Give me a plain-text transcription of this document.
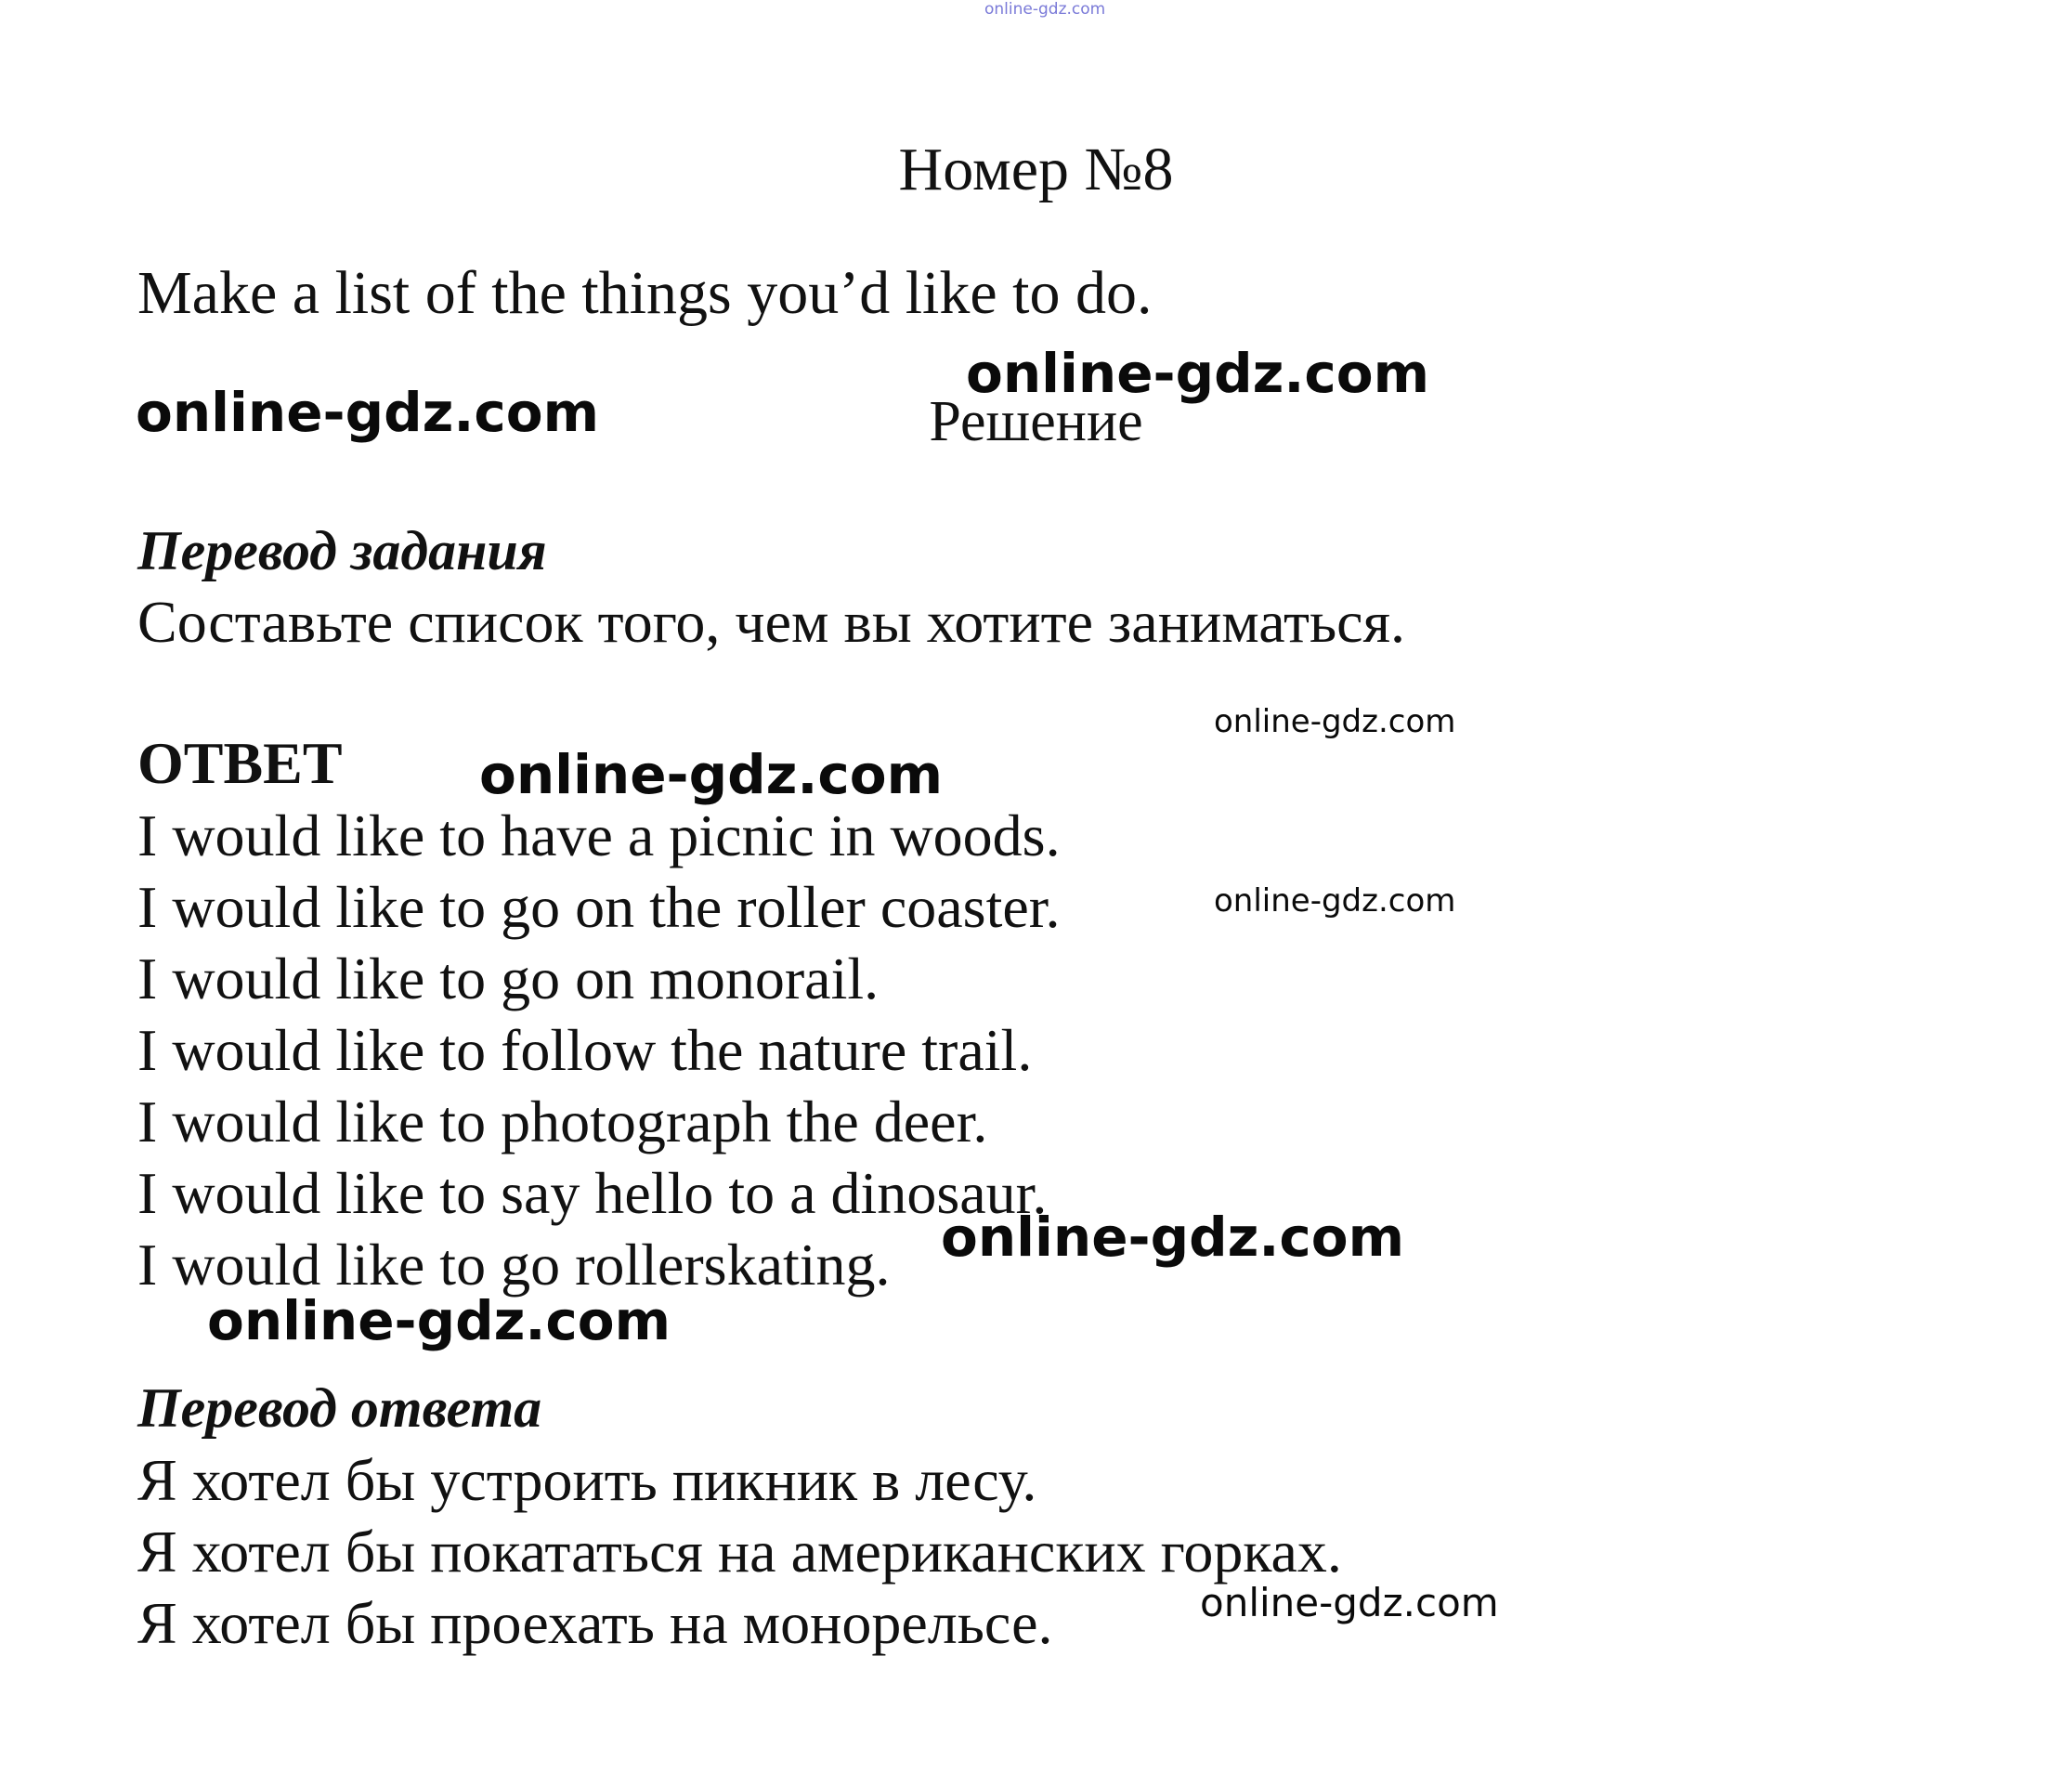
online-gdz.com
Номер №8
Make a list of the things you’d like to do.
online-gdz.com
online-gdz.com	Решение
Перевод задания
Составьте список того, чем вы хотите заниматься.
online-gdz.com
ОТВЕТ	online-gdz.com
I would like to have a picnic in woods.
I would like to go on the roller coaster.	online-gdz.com
I would like to go on monorail.
I would like to follow the nature trail.
I would like to photograph the deer.
I would like to say hello to a dinosaur.
I would like to go rollerskating. online-gdz.com
online-gdz.com
Перевод ответа
Я хотел бы устроить пикник в лесу.
Я хотел бы покататься на американских горках.
Я хотел бы проехать на монорельсе.	online-gdz.com
